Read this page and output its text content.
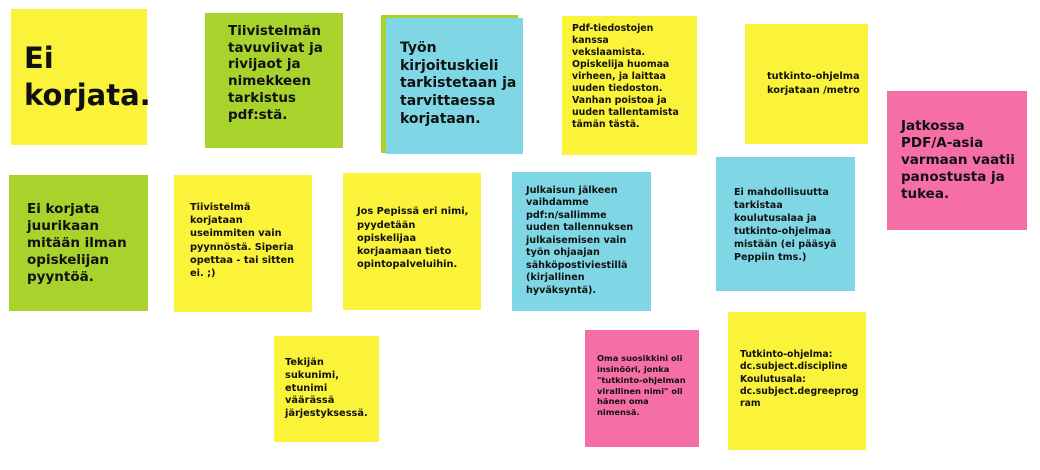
Ei
korjata.
Tiivistelmän
tavuviivat ja
rivijaot ja
nimekkeen
tarkistus
pdf:stä.
Työn
kirjoituskieli
tarkistetaan ja
tarvittaessa
korjataan.
Pdf-tiedostojen
kanssa
vekslaamista.
Opiskelija huomaa
virheen, ja laittaa
uuden tiedoston.
Vanhan poistoa ja
uuden tallentamista
tämän tästä.
tutkinto-ohjelma
korjataan /metro
Jatkossa
PDF/A-asia
varmaan vaatii
panostusta ja
tukea.
Ei korjata
juurikaan
mitään ilman
opiskelijan
pyyntöä.
Tiivistelmä
korjataan
useimmiten vain
pyynnöstä. Siperia
opettaa - tai sitten
ei. ;)
Jos Pepissä eri nimi,
pyydetään
opiskelijaa
korjaamaan tieto
opintopalveluihin.
Julkaisun jälkeen
vaihdamme
pdf:n/sallimme
uuden tallennuksen
julkaisemisen vain
työn ohjaajan
sähköpostiviestillä
(kirjallinen
hyväksyntä).
Ei mahdollisuutta
tarkistaa
koulutusalaa ja
tutkinto-ohjelmaa
mistään (ei pääsyä
Peppiin tms.)
Tekijän
sukunimi,
etunimi
väärässä
järjestyksessä.
Oma suosikkini oli
insinööri, jonka
"tutkinto-ohjelman
virallinen nimi" oli
hänen oma
nimensä.
Tutkinto-ohjelma:
dc.subject.discipline
Koulutusala:
dc.subject.degreeprog
ram
